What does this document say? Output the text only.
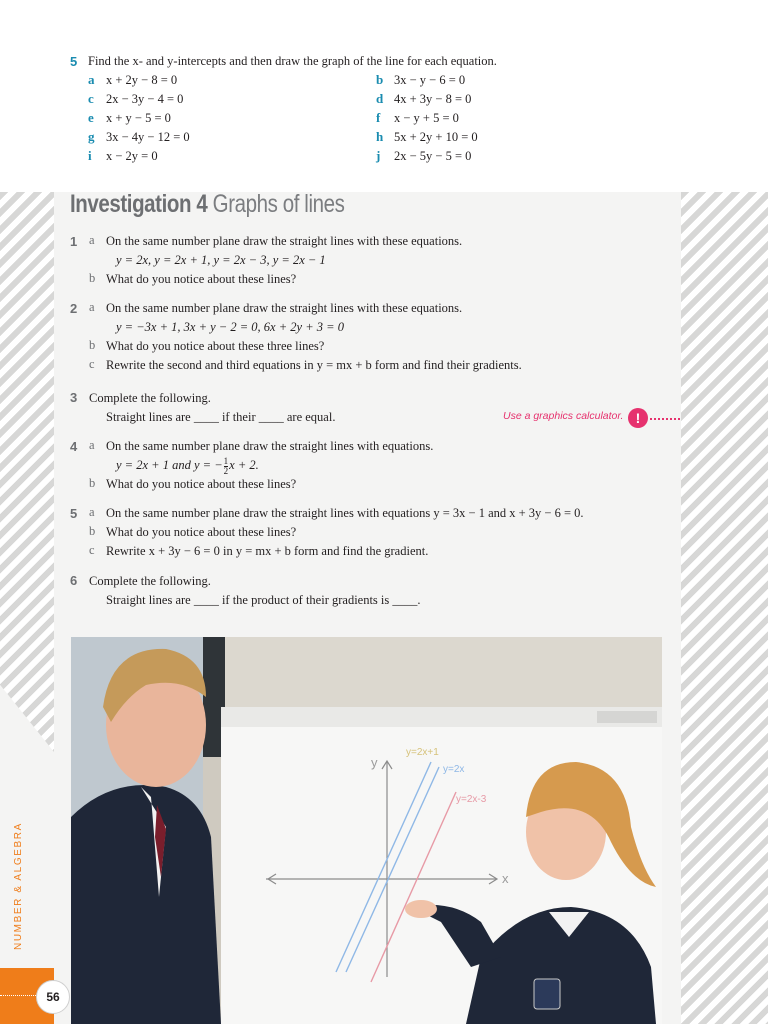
5 Find the x- and y-intercepts and then draw the graph of the line for each equation.
a x + 2y − 8 = 0	b 3x − y − 6 = 0
c 2x − 3y − 4 = 0	d 4x + 3y − 8 = 0
e x + y − 5 = 0	f x − y + 5 = 0
g 3x − 4y − 12 = 0	h 5x + 2y + 10 = 0
i x − 2y = 0	j 2x − 5y − 5 = 0
Investigation 4 Graphs of lines
1 a On the same number plane draw the straight lines with these equations.
y = 2x, y = 2x + 1, y = 2x − 3, y = 2x − 1
b What do you notice about these lines?
2 a On the same number plane draw the straight lines with these equations.
y = −3x + 1, 3x + y − 2 = 0, 6x + 2y + 3 = 0
b What do you notice about these three lines?
c Rewrite the second and third equations in y = mx + b form and find their gradients.
3 Complete the following.
Straight lines are ____ if their ____ are equal.	Use a graphics calculator. !
4 a On the same number plane draw the straight lines with equations.
y = 2x + 1 and y = − $\frac{1}{2}$ x + 2.
b What do you notice about these lines?
5 a On the same number plane draw the straight lines with equations y = 3x − 1 and x + 3y − 6 = 0.
b What do you notice about these lines?
c Rewrite x + 3y − 6 = 0 in y = mx + b form and find the gradient.
6 Complete the following.
Straight lines are ____ if the product of their gradients is ____.
x
y
y=2x+1
y=2x
y=2x-3
NUMBER & ALGEBRA
56
